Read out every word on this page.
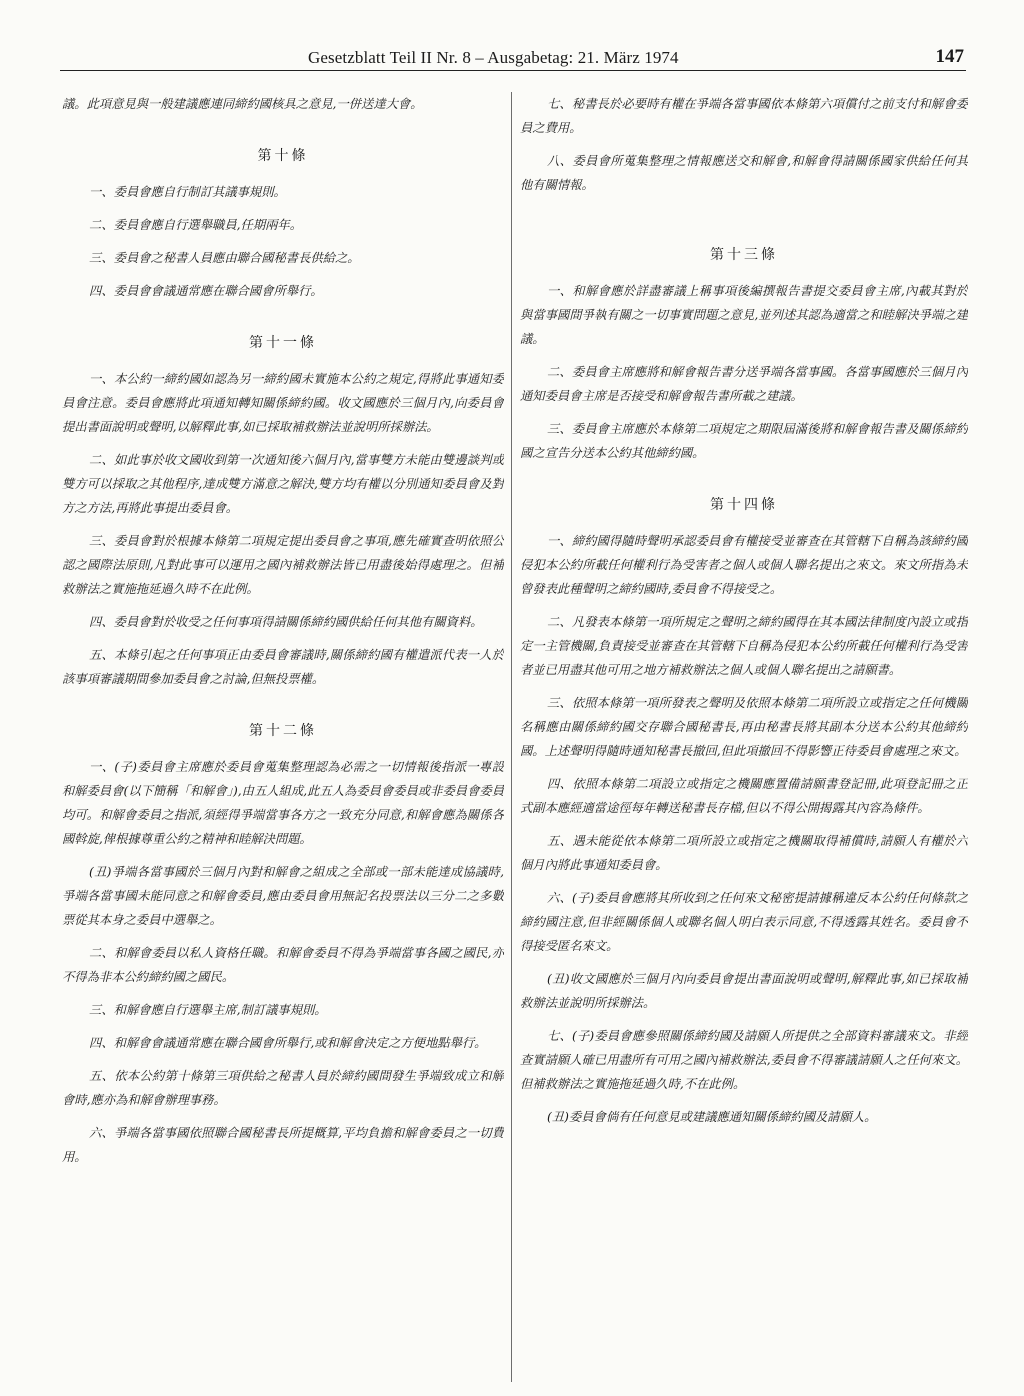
Gesetzblatt Teil II Nr. 8 – Ausgabetag: 21. März 1974	147

議。此項意見與一般建議應連同締約國核具之意見,一併送達大會。

第十條

一、委員會應自行制訂其議事規則。

二、委員會應自行選舉職員,任期兩年。

三、委員會之秘書人員應由聯合國秘書長供給之。

四、委員會會議通常應在聯合國會所舉行。

第十一條

一、本公約一締約國如認為另一締約國未實施本公約之規定,得將此事通知委員會注意。委員會應將此項通知轉知關係締約國。收文國應於三個月內,向委員會提出書面說明或聲明,以解釋此事,如已採取補救辦法並說明所採辦法。

二、如此事於收文國收到第一次通知後六個月內,當事雙方未能由雙邊談判或雙方可以採取之其他程序,達成雙方滿意之解決,雙方均有權以分別通知委員會及對方之方法,再將此事提出委員會。

三、委員會對於根據本條第二項規定提出委員會之事項,應先確實查明依照公認之國際法原則,凡對此事可以運用之國內補救辦法皆已用盡後始得處理之。但補救辦法之實施拖延過久時不在此例。

四、委員會對於收受之任何事項得請關係締約國供給任何其他有關資料。

五、本條引起之任何事項正由委員會審議時,關係締約國有權遣派代表一人於該事項審議期間參加委員會之討論,但無投票權。

第十二條

一、(子)委員會主席應於委員會蒐集整理認為必需之一切情報後指派一專設和解委員會(以下簡稱「和解會」),由五人組成,此五人為委員會委員或非委員會委員均可。和解會委員之指派,須經得爭端當事各方之一致充分同意,和解會應為關係各國斡旋,俾根據尊重公約之精神和睦解決問題。

(丑)爭端各當事國於三個月內對和解會之組成之全部或一部未能達成協議時,爭端各當事國未能同意之和解會委員,應由委員會用無記名投票法以三分二之多數票從其本身之委員中選舉之。

二、和解會委員以私人資格任職。和解會委員不得為爭端當事各國之國民,亦不得為非本公約締約國之國民。

三、和解會應自行選舉主席,制訂議事規則。

四、和解會會議通常應在聯合國會所舉行,或和解會決定之方便地點舉行。

五、依本公約第十條第三項供給之秘書人員於締約國間發生爭端致成立和解會時,應亦為和解會辦理事務。

六、爭端各當事國依照聯合國秘書長所提概算,平均負擔和解會委員之一切費用。

七、秘書長於必要時有權在爭端各當事國依本條第六項償付之前支付和解會委員之費用。

八、委員會所蒐集整理之情報應送交和解會,和解會得請關係國家供給任何其他有關情報。

第十三條

一、和解會應於詳盡審議上稱事項後編撰報告書提交委員會主席,內載其對於與當事國間爭執有關之一切事實問題之意見,並列述其認為適當之和睦解決爭端之建議。

二、委員會主席應將和解會報告書分送爭端各當事國。各當事國應於三個月內通知委員會主席是否接受和解會報告書所載之建議。

三、委員會主席應於本條第二項規定之期限屆滿後將和解會報告書及關係締約國之宣告分送本公約其他締約國。

第十四條

一、締約國得隨時聲明承認委員會有權接受並審查在其管轄下自稱為該締約國侵犯本公約所載任何權利行為受害者之個人或個人聯名提出之來文。來文所指為未曾發表此種聲明之締約國時,委員會不得接受之。

二、凡發表本條第一項所規定之聲明之締約國得在其本國法律制度內設立或指定一主管機關,負責接受並審查在其管轄下自稱為侵犯本公約所載任何權利行為受害者並已用盡其他可用之地方補救辦法之個人或個人聯名提出之請願書。

三、依照本條第一項所發表之聲明及依照本條第二項所設立或指定之任何機關名稱應由關係締約國交存聯合國秘書長,再由秘書長將其副本分送本公約其他締約國。上述聲明得隨時通知秘書長撤回,但此項撤回不得影響正待委員會處理之來文。

四、依照本條第二項設立或指定之機關應置備請願書登記冊,此項登記冊之正式副本應經適當途徑每年轉送秘書長存檔,但以不得公開揭露其內容為條件。

五、遇未能從依本條第二項所設立或指定之機關取得補償時,請願人有權於六個月內將此事通知委員會。

六、(子)委員會應將其所收到之任何來文秘密提請據稱違反本公約任何條款之締約國注意,但非經關係個人或聯名個人明白表示同意,不得透露其姓名。委員會不得接受匿名來文。

(丑)收文國應於三個月內向委員會提出書面說明或聲明,解釋此事,如已採取補救辦法並說明所採辦法。

七、(子)委員會應參照關係締約國及請願人所提供之全部資料審議來文。非經查實請願人確已用盡所有可用之國內補救辦法,委員會不得審議請願人之任何來文。但補救辦法之實施拖延過久時,不在此例。

(丑)委員會倘有任何意見或建議應通知關係締約國及請願人。
